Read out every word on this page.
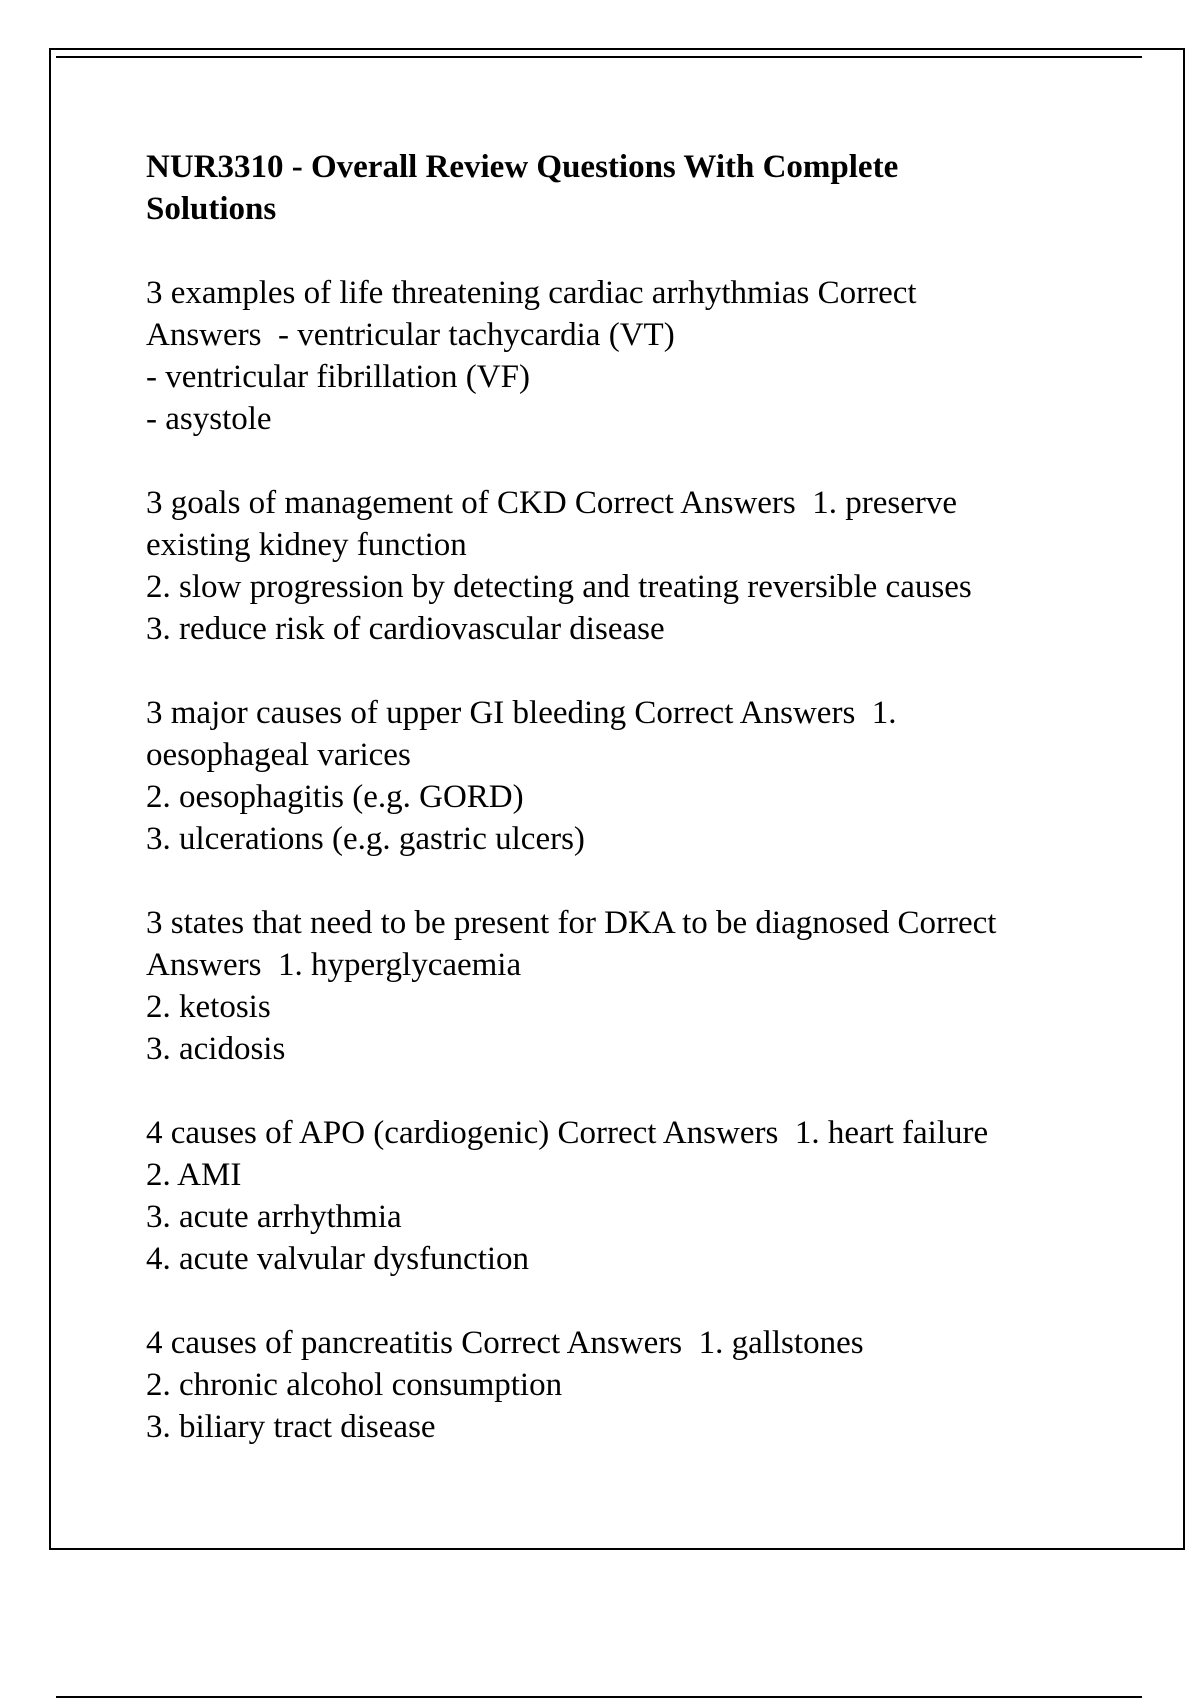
NUR3310 - Overall Review Questions With Complete
Solutions
3 examples of life threatening cardiac arrhythmias Correct
Answers  - ventricular tachycardia (VT)
- ventricular fibrillation (VF)
- asystole
3 goals of management of CKD Correct Answers  1. preserve
existing kidney function
2. slow progression by detecting and treating reversible causes
3. reduce risk of cardiovascular disease
3 major causes of upper GI bleeding Correct Answers  1.
oesophageal varices
2. oesophagitis (e.g. GORD)
3. ulcerations (e.g. gastric ulcers)
3 states that need to be present for DKA to be diagnosed Correct
Answers  1. hyperglycaemia
2. ketosis
3. acidosis
4 causes of APO (cardiogenic) Correct Answers  1. heart failure
2. AMI
3. acute arrhythmia
4. acute valvular dysfunction
4 causes of pancreatitis Correct Answers  1. gallstones
2. chronic alcohol consumption
3. biliary tract disease
